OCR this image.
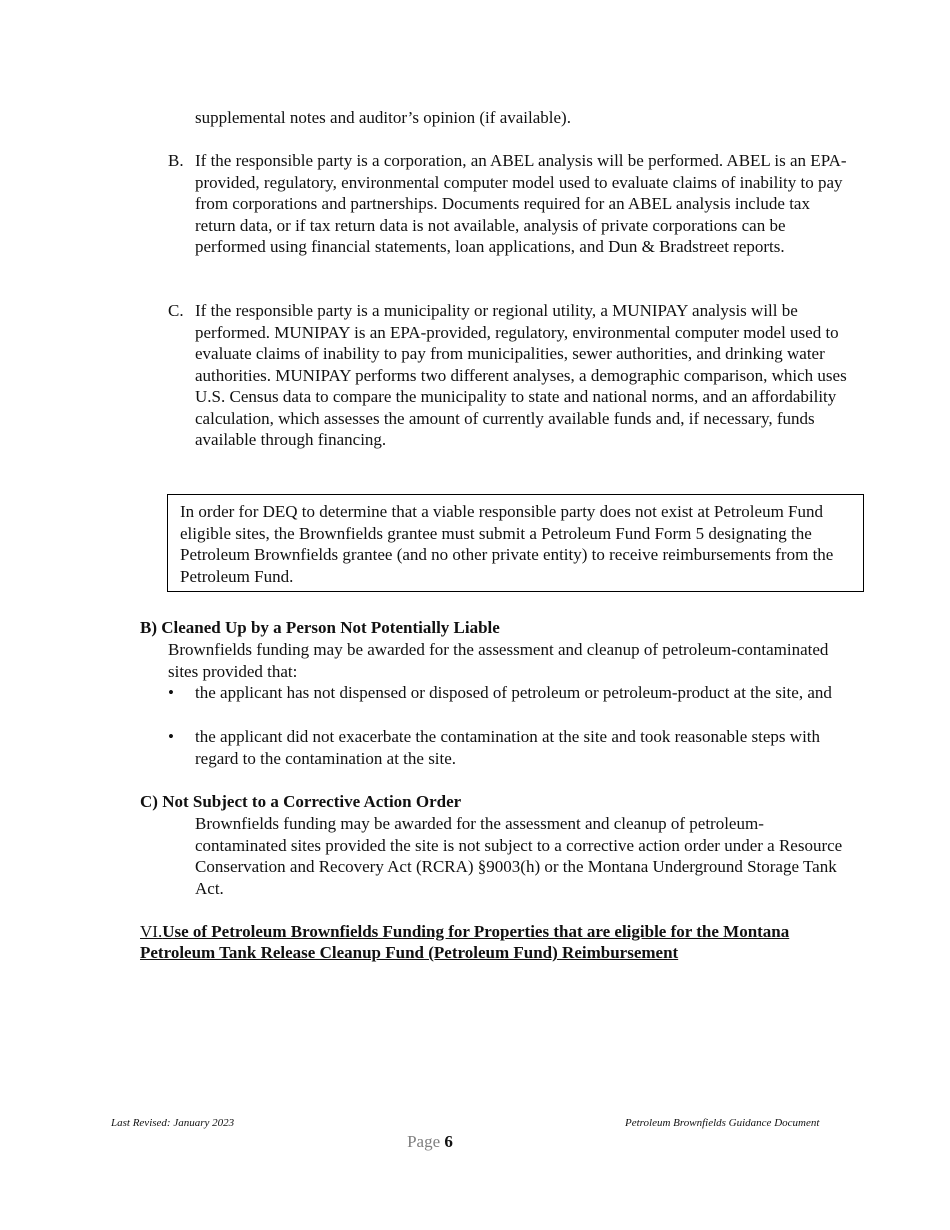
supplemental notes and auditor’s opinion (if available).
B. If the responsible party is a corporation, an ABEL analysis will be performed. ABEL is an EPA-provided, regulatory, environmental computer model used to evaluate claims of inability to pay from corporations and partnerships. Documents required for an ABEL analysis include tax return data, or if tax return data is not available, analysis of private corporations can be performed using financial statements, loan applications, and Dun & Bradstreet reports.
C. If the responsible party is a municipality or regional utility, a MUNIPAY analysis will be performed. MUNIPAY is an EPA-provided, regulatory, environmental computer model used to evaluate claims of inability to pay from municipalities, sewer authorities, and drinking water authorities. MUNIPAY performs two different analyses, a demographic comparison, which uses U.S. Census data to compare the municipality to state and national norms, and an affordability calculation, which assesses the amount of currently available funds and, if necessary, funds available through financing.
In order for DEQ to determine that a viable responsible party does not exist at Petroleum Fund eligible sites, the Brownfields grantee must submit a Petroleum Fund Form 5 designating the Petroleum Brownfields grantee (and no other private entity) to receive reimbursements from the Petroleum Fund.
B) Cleaned Up by a Person Not Potentially Liable
Brownfields funding may be awarded for the assessment and cleanup of petroleum-contaminated sites provided that:
•	the applicant has not dispensed or disposed of petroleum or petroleum-product at the site, and
•	the applicant did not exacerbate the contamination at the site and took reasonable steps with regard to the contamination at the site.
C) Not Subject to a Corrective Action Order
Brownfields funding may be awarded for the assessment and cleanup of petroleum-contaminated sites provided the site is not subject to a corrective action order under a Resource Conservation and Recovery Act (RCRA) §9003(h) or the Montana Underground Storage Tank Act.
VI.Use of Petroleum Brownfields Funding for Properties that are eligible for the Montana Petroleum Tank Release Cleanup Fund (Petroleum Fund) Reimbursement
Last Revised: January 2023	Petroleum Brownfields Guidance Document
Page 6
